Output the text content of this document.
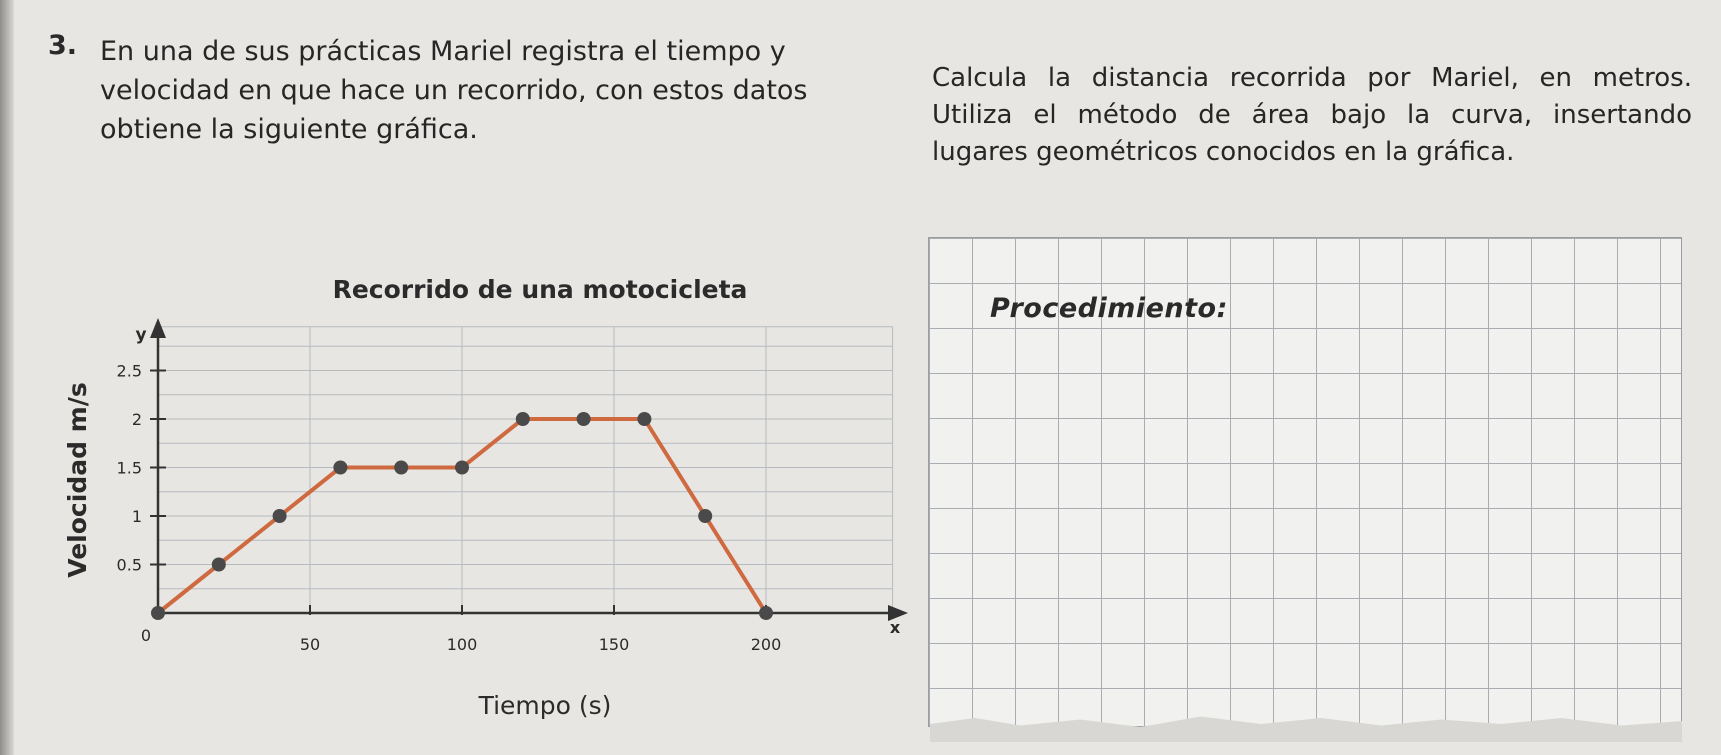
3. En una de sus prácticas Mariel registra el tiempo y velocidad en que hace un recorrido, con estos datos obtiene la siguiente gráfica.

Calcula la distancia recorrida por Mariel, en metros. Utiliza el método de área bajo la curva, insertando lugares geométricos conocidos en la gráfica.

Procedimiento:
50	100	150	200
0.5
1
1.5
2
2.5
Recorrido de una motocicleta
Tiempo (s)
Velocidad m/s
x
y
0
